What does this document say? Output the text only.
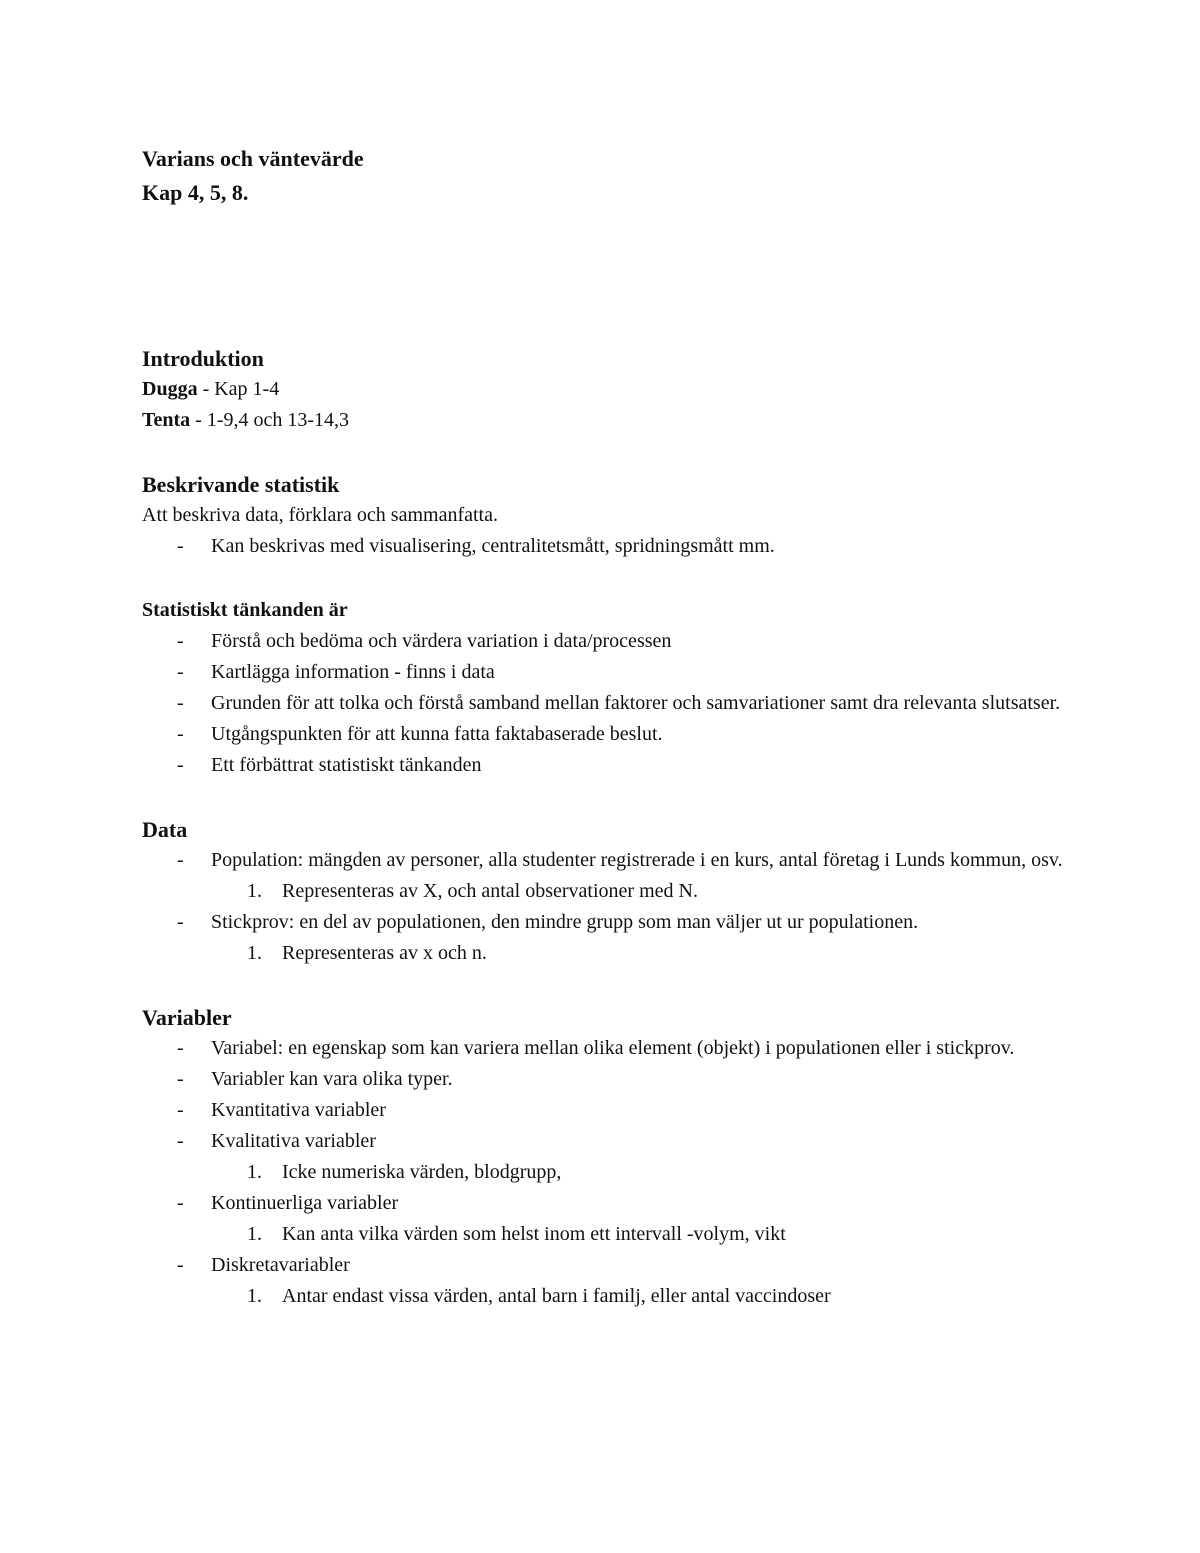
Varians och väntevärde
Kap 4, 5, 8.

Introduktion

Dugga - Kap 1-4

Tenta - 1-9,4 och 13-14,3

Beskrivande statistik

Att beskriva data, förklara och sammanfatta.

- Kan beskrivas med visualisering, centralitetsmått, spridningsmått mm.

Statistiskt tänkanden är

- Förstå och bedöma och värdera variation i data/processen
- Kartlägga information - finns i data
- Grunden för att tolka och förstå samband mellan faktorer och samvariationer samt dra relevanta slutsatser.
- Utgångspunkten för att kunna fatta faktabaserade beslut.
- Ett förbättrat statistiskt tänkanden

Data

- Population: mängden av personer, alla studenter registrerade i en kurs, antal företag i Lunds kommun, osv.
1. Representeras av X, och antal observationer med N.
- Stickprov: en del av populationen, den mindre grupp som man väljer ut ur populationen.
1. Representeras av x och n.

Variabler

- Variabel: en egenskap som kan variera mellan olika element (objekt) i populationen eller i stickprov.
- Variabler kan vara olika typer.
- Kvantitativa variabler
- Kvalitativa variabler
1. Icke numeriska värden, blodgrupp,
- Kontinuerliga variabler
1. Kan anta vilka värden som helst inom ett intervall -volym, vikt
- Diskretavariabler
1. Antar endast vissa värden, antal barn i familj, eller antal vaccindoser
